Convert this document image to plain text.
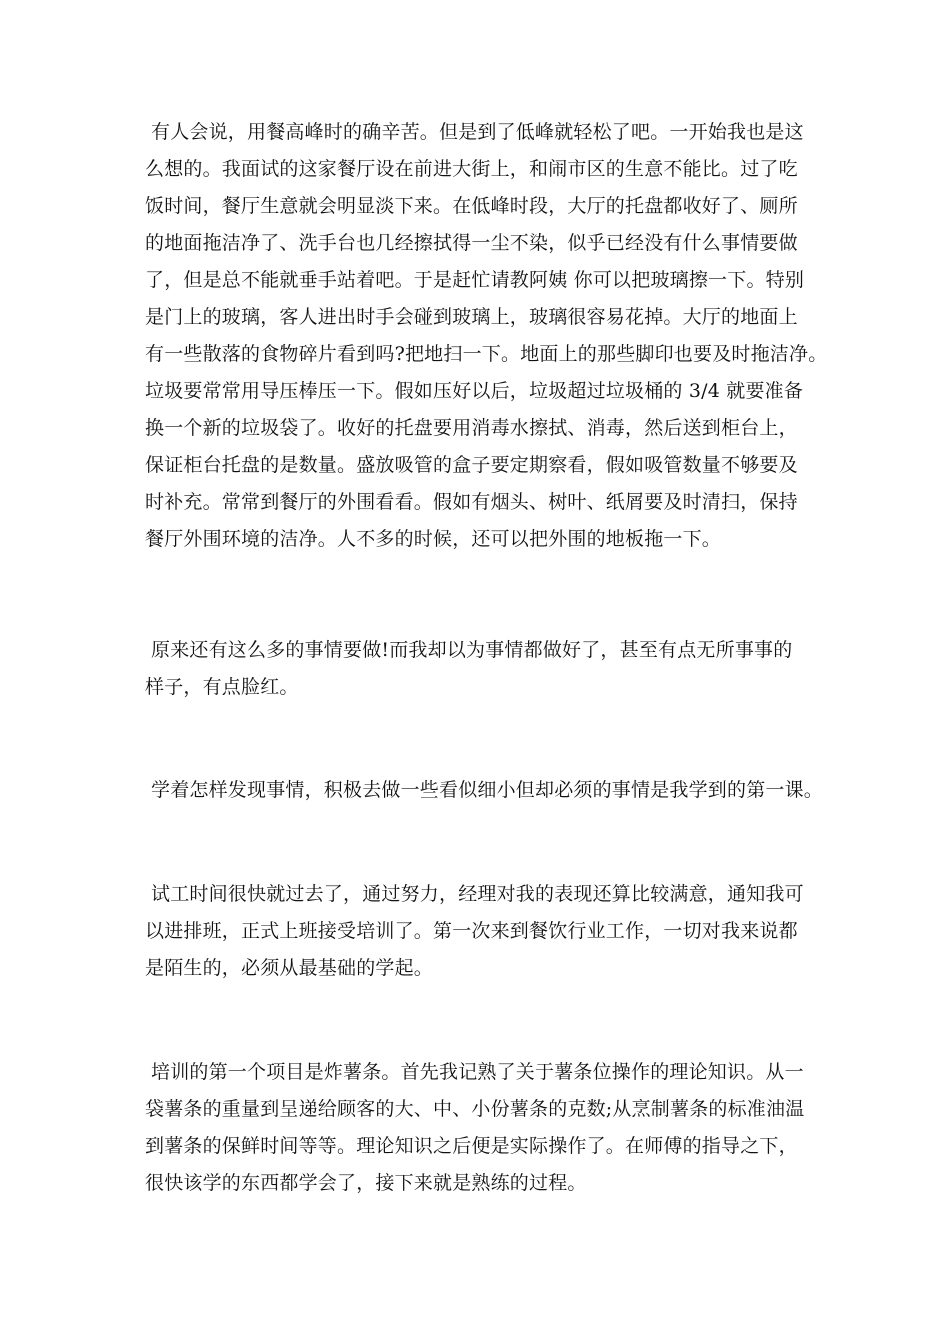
有人会说，用餐高峰时的确辛苦。但是到了低峰就轻松了吧。一开始我也是这
么想的。我面试的这家餐厅设在前进大街上，和闹市区的生意不能比。过了吃
饭时间，餐厅生意就会明显淡下来。在低峰时段，大厅的托盘都收好了、厕所
的地面拖洁净了、洗手台也几经擦拭得一尘不染，似乎已经没有什么事情要做
了，但是总不能就垂手站着吧。于是赶忙请教阿姨 你可以把玻璃擦一下。特别
是门上的玻璃，客人进出时手会碰到玻璃上，玻璃很容易花掉。大厅的地面上
有一些散落的食物碎片看到吗?把地扫一下。地面上的那些脚印也要及时拖洁净。
垃圾要常常用导压棒压一下。假如压好以后，垃圾超过垃圾桶的 3/4 就要准备
换一个新的垃圾袋了。收好的托盘要用消毒水擦拭、消毒，然后送到柜台上，
保证柜台托盘的是数量。盛放吸管的盒子要定期察看，假如吸管数量不够要及
时补充。常常到餐厅的外围看看。假如有烟头、树叶、纸屑要及时清扫，保持
餐厅外围环境的洁净。人不多的时候，还可以把外围的地板拖一下。
原来还有这么多的事情要做!而我却以为事情都做好了，甚至有点无所事事的
样子，有点脸红。
学着怎样发现事情，积极去做一些看似细小但却必须的事情是我学到的第一课。
试工时间很快就过去了，通过努力，经理对我的表现还算比较满意，通知我可
以进排班，正式上班接受培训了。第一次来到餐饮行业工作，一切对我来说都
是陌生的，必须从最基础的学起。
培训的第一个项目是炸薯条。首先我记熟了关于薯条位操作的理论知识。从一
袋薯条的重量到呈递给顾客的大、中、小份薯条的克数;从烹制薯条的标准油温
到薯条的保鲜时间等等。理论知识之后便是实际操作了。在师傅的指导之下，
很快该学的东西都学会了，接下来就是熟练的过程。
